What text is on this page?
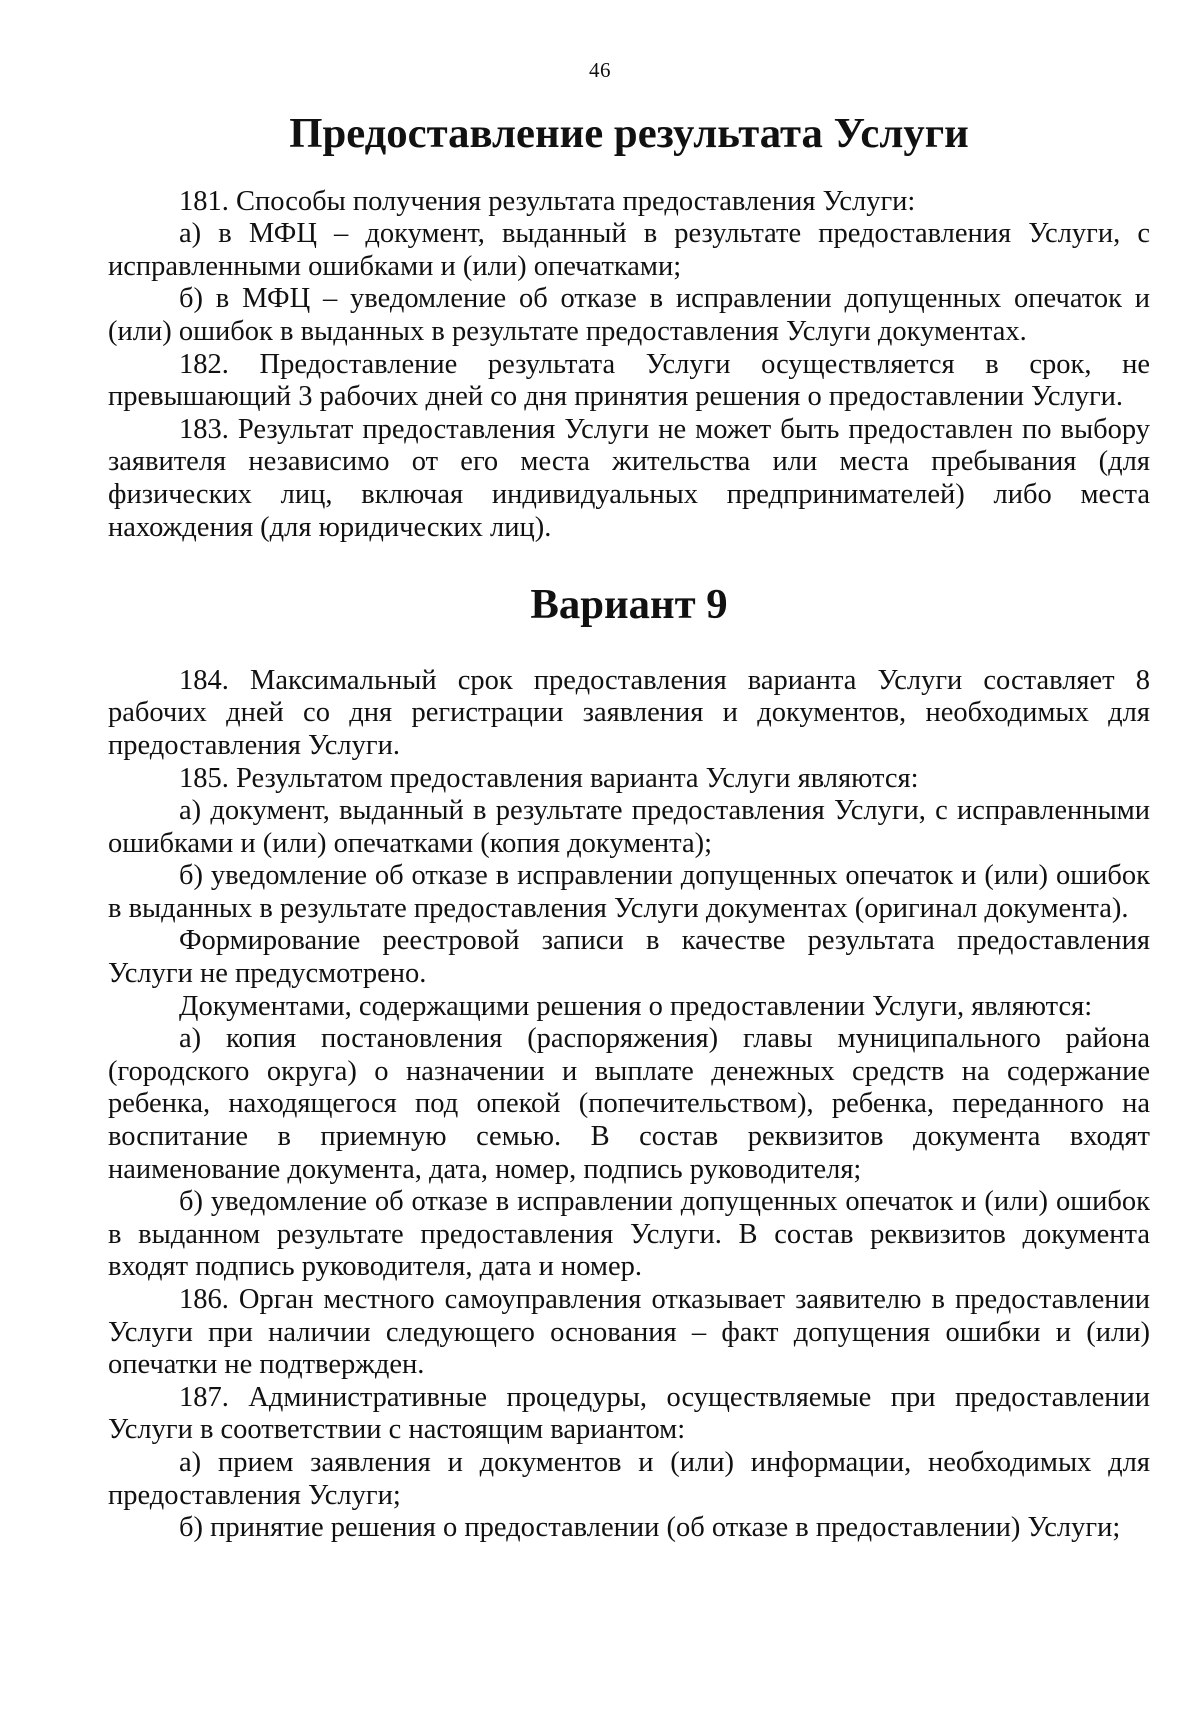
46
Предоставление результата Услуги

181. Способы получения результата предоставления Услуги:

а) в МФЦ – документ, выданный в результате предоставления Услуги, с исправленными ошибками и (или) опечатками;

б) в МФЦ – уведомление об отказе в исправлении допущенных опечаток и (или) ошибок в выданных в результате предоставления Услуги документах.

182. Предоставление результата Услуги осуществляется в срок, не превышающий 3 рабочих дней со дня принятия решения о предоставлении Услуги.

183. Результат предоставления Услуги не может быть предоставлен по выбору заявителя независимо от его места жительства или места пребывания (для физических лиц, включая индивидуальных предпринимателей) либо места нахождения (для юридических лиц).

Вариант 9

184. Максимальный срок предоставления варианта Услуги составляет 8 рабочих дней со дня регистрации заявления и документов, необходимых для предоставления Услуги.

185. Результатом предоставления варианта Услуги являются:

а) документ, выданный в результате предоставления Услуги, с исправленными ошибками и (или) опечатками (копия документа);

б) уведомление об отказе в исправлении допущенных опечаток и (или) ошибок в выданных в результате предоставления Услуги документах (оригинал документа).

Формирование реестровой записи в качестве результата предоставления Услуги не предусмотрено.

Документами, содержащими решения о предоставлении Услуги, являются:

а) копия постановления (распоряжения) главы муниципального района (городского округа) о назначении и выплате денежных средств на содержание ребенка, находящегося под опекой (попечительством), ребенка, переданного на воспитание в приемную семью. В состав реквизитов документа входят наименование документа, дата, номер, подпись руководителя;

б) уведомление об отказе в исправлении допущенных опечаток и (или) ошибок в выданном результате предоставления Услуги. В состав реквизитов документа входят подпись руководителя, дата и номер.

186. Орган местного самоуправления отказывает заявителю в предоставлении Услуги при наличии следующего основания – факт допущения ошибки и (или) опечатки не подтвержден.

187. Административные процедуры, осуществляемые при предоставлении Услуги в соответствии с настоящим вариантом:

а) прием заявления и документов и (или) информации, необходимых для предоставления Услуги;

б) принятие решения о предоставлении (об отказе в предоставлении) Услуги;
